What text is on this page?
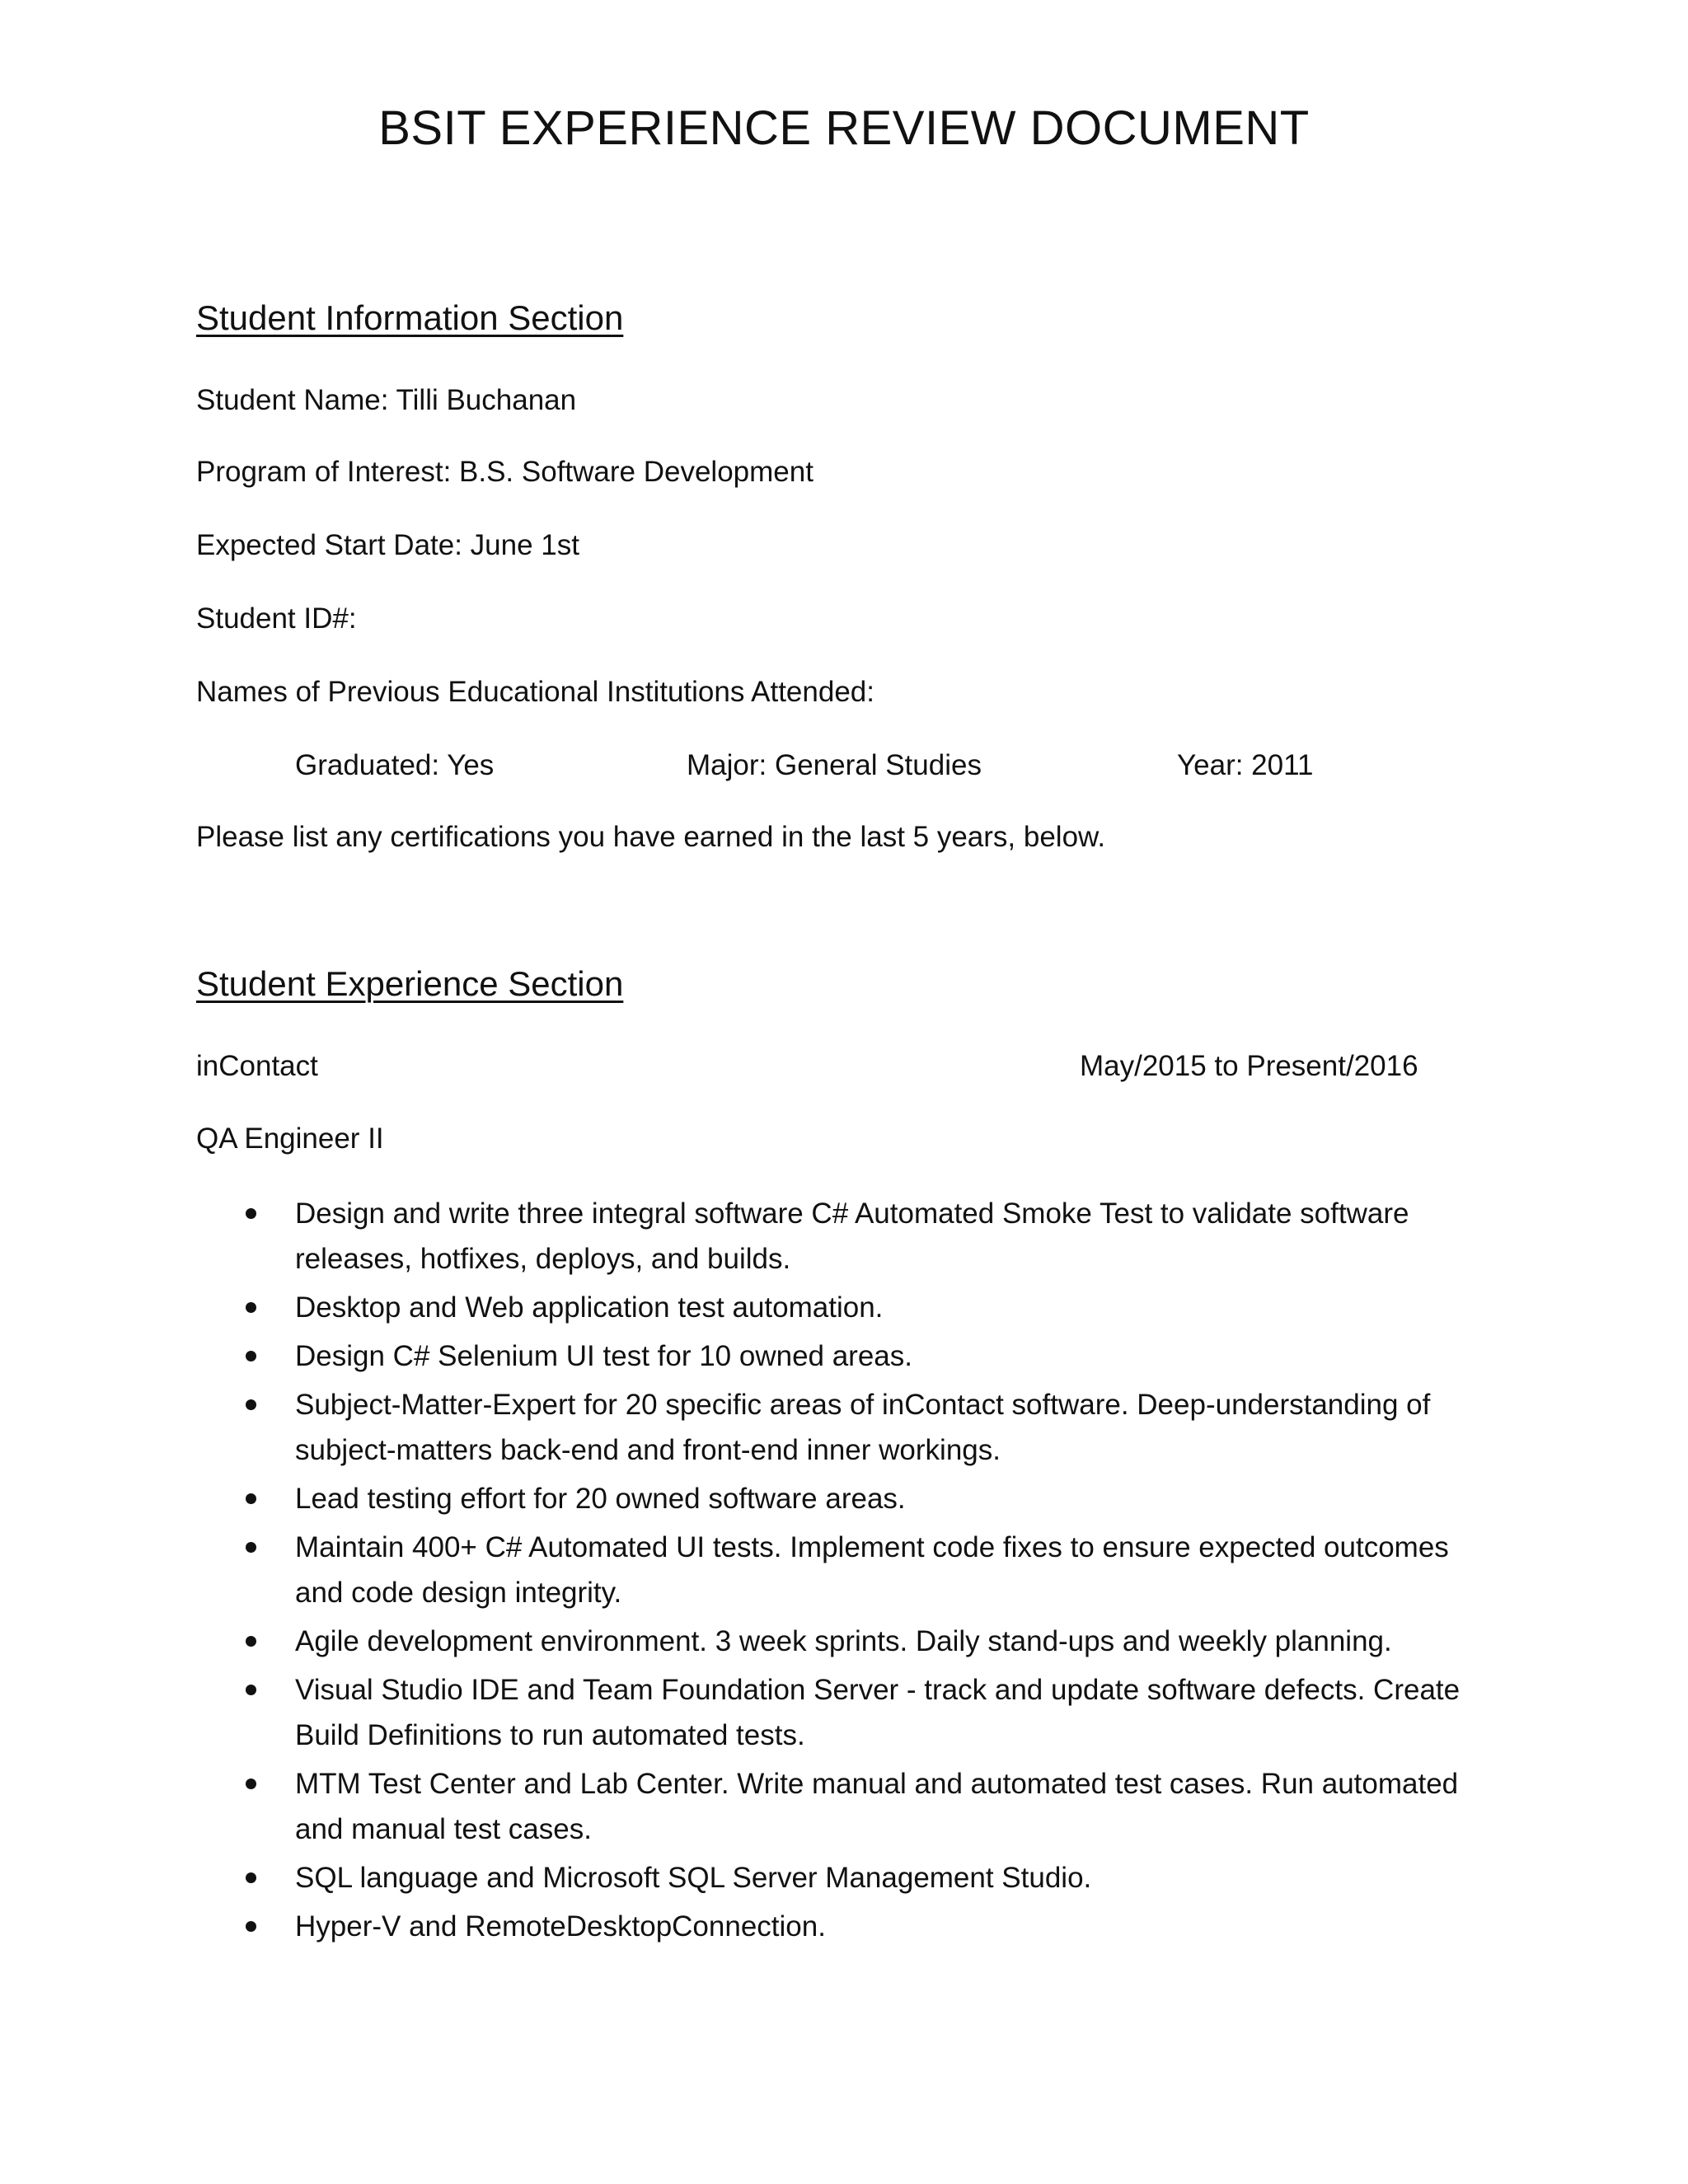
BSIT EXPERIENCE REVIEW DOCUMENT
Student Information Section
Student Name: Tilli Buchanan
Program of Interest: B.S. Software Development
Expected Start Date: June 1st
Student ID#:
Names of Previous Educational Institutions Attended:
Graduated: Yes	Major: General Studies	Year: 2011
Please list any certifications you have earned in the last 5 years, below.
Student Experience Section
inContact	May/2015 to Present/2016
QA Engineer II
Design and write three integral software C# Automated Smoke Test to validate software releases, hotfixes, deploys, and builds.
Desktop and Web application test automation.
Design C# Selenium UI test for 10 owned areas.
Subject-Matter-Expert for 20 specific areas of inContact software. Deep-understanding of subject-matters back-end and front-end inner workings.
Lead testing effort for 20 owned software areas.
Maintain 400+ C# Automated UI tests. Implement code fixes to ensure expected outcomes and code design integrity.
Agile development environment. 3 week sprints. Daily stand-ups and weekly planning.
Visual Studio IDE and Team Foundation Server - track and update software defects. Create Build Definitions to run automated tests.
MTM Test Center and Lab Center. Write manual and automated test cases. Run automated and manual test cases.
SQL language and Microsoft SQL Server Management Studio.
Hyper-V and RemoteDesktopConnection.
